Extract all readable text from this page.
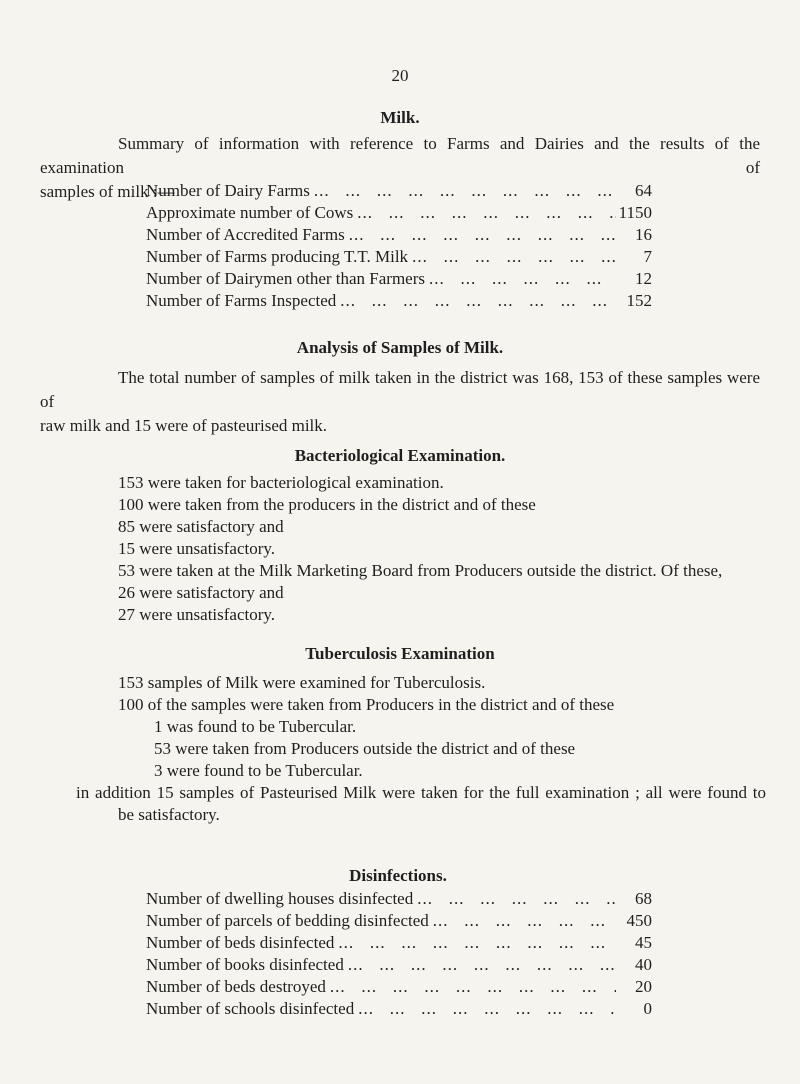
20
Milk.
Summary of information with reference to Farms and Dairies and the results of the examination of
samples of milk :—
Number of Dairy Farms ...	64
Approximate number of Cows ...	1150
Number of Accredited Farms ...	16
Number of Farms producing T.T. Milk ...	7
Number of Dairymen other than Farmers ...	12
Number of Farms Inspected ...	152
Analysis of Samples of Milk.
The total number of samples of milk taken in the district was 168, 153 of these samples were of
raw milk and 15 were of pasteurised milk.
Bacteriological Examination.
153 were taken for bacteriological examination.
100 were taken from the producers in the district and of these
85 were satisfactory and
15 were unsatisfactory.
53 were taken at the Milk Marketing Board from Producers outside the district. Of these,
26 were satisfactory and
27 were unsatisfactory.
Tuberculosis Examination
153 samples of Milk were examined for Tuberculosis.
100 of the samples were taken from Producers in the district and of these
1 was found to be Tubercular.
53 were taken from Producers outside the district and of these
3 were found to be Tubercular.
in addition 15 samples of Pasteurised Milk were taken for the full examination ; all were found to
be satisfactory.
Disinfections.
Number of dwelling houses disinfected ...	68
Number of parcels of bedding disinfected ...	450
Number of beds disinfected ...	45
Number of books disinfected ...	40
Number of beds destroyed ...	20
Number of schools disinfected ...	0
